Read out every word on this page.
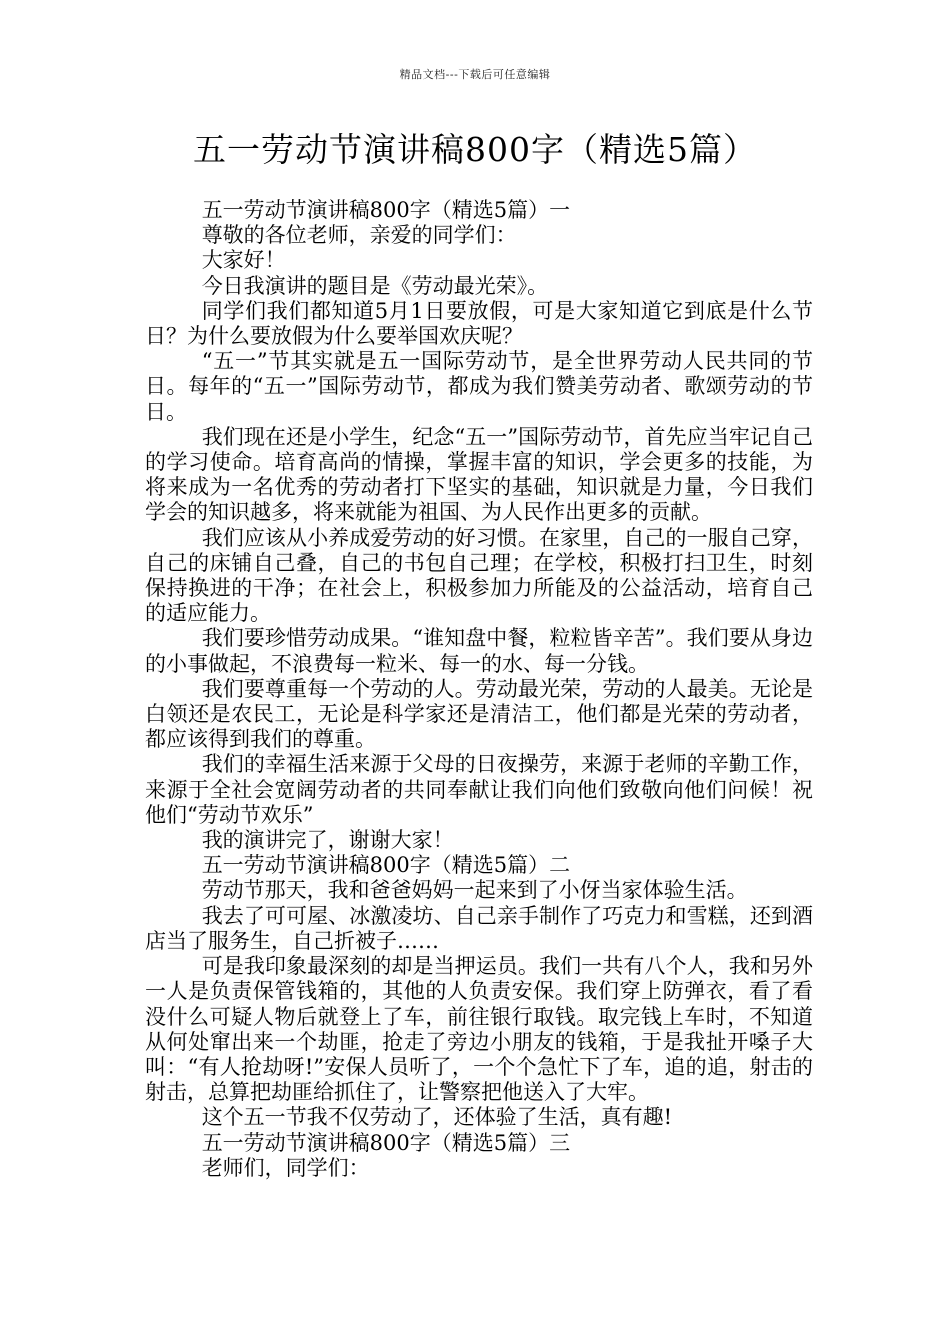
精品文档---下载后可任意编辑
五一劳动节演讲稿800字（精选5篇）

五一劳动节演讲稿800字（精选5篇）一

尊敬的各位老师，亲爱的同学们：

大家好！

今日我演讲的题目是《劳动最光荣》。

同学们我们都知道5月1日要放假，可是大家知道它到底是什么节日？为什么要放假为什么要举国欢庆呢？

“五一”节其实就是五一国际劳动节，是全世界劳动人民共同的节日。每年的“五一”国际劳动节，都成为我们赞美劳动者、歌颂劳动的节日。

我们现在还是小学生，纪念“五一”国际劳动节，首先应当牢记自己的学习使命。培育高尚的情操，掌握丰富的知识，学会更多的技能，为将来成为一名优秀的劳动者打下坚实的基础，知识就是力量，今日我们学会的知识越多，将来就能为祖国、为人民作出更多的贡献。

我们应该从小养成爱劳动的好习惯。在家里，自己的一服自己穿，自己的床铺自己叠，自己的书包自己理；在学校，积极打扫卫生，时刻保持换进的干净；在社会上，积极参加力所能及的公益活动，培育自己的适应能力。

我们要珍惜劳动成果。“谁知盘中餐，粒粒皆辛苦”。我们要从身边的小事做起，不浪费每一粒米、每一的水、每一分钱。

我们要尊重每一个劳动的人。劳动最光荣，劳动的人最美。无论是白领还是农民工，无论是科学家还是清洁工，他们都是光荣的劳动者，都应该得到我们的尊重。

我们的幸福生活来源于父母的日夜操劳，来源于老师的辛勤工作，来源于全社会宽阔劳动者的共同奉献让我们向他们致敬向他们问候！祝他们“劳动节欢乐”

我的演讲完了，谢谢大家！

五一劳动节演讲稿800字（精选5篇）二

劳动节那天，我和爸爸妈妈一起来到了小伢当家体验生活。

我去了可可屋、冰激凌坊、自己亲手制作了巧克力和雪糕，还到酒店当了服务生，自己折被子……

可是我印象最深刻的却是当押运员。我们一共有八个人，我和另外一人是负责保管钱箱的，其他的人负责安保。我们穿上防弹衣，看了看没什么可疑人物后就登上了车，前往银行取钱。取完钱上车时，不知道从何处窜出来一个劫匪，抢走了旁边小朋友的钱箱，于是我扯开嗓子大叫：“有人抢劫呀!”安保人员听了，一个个急忙下了车，追的追，射击的射击，总算把劫匪给抓住了，让警察把他送入了大牢。

这个五一节我不仅劳动了，还体验了生活，真有趣!

五一劳动节演讲稿800字（精选5篇）三

老师们，同学们：
